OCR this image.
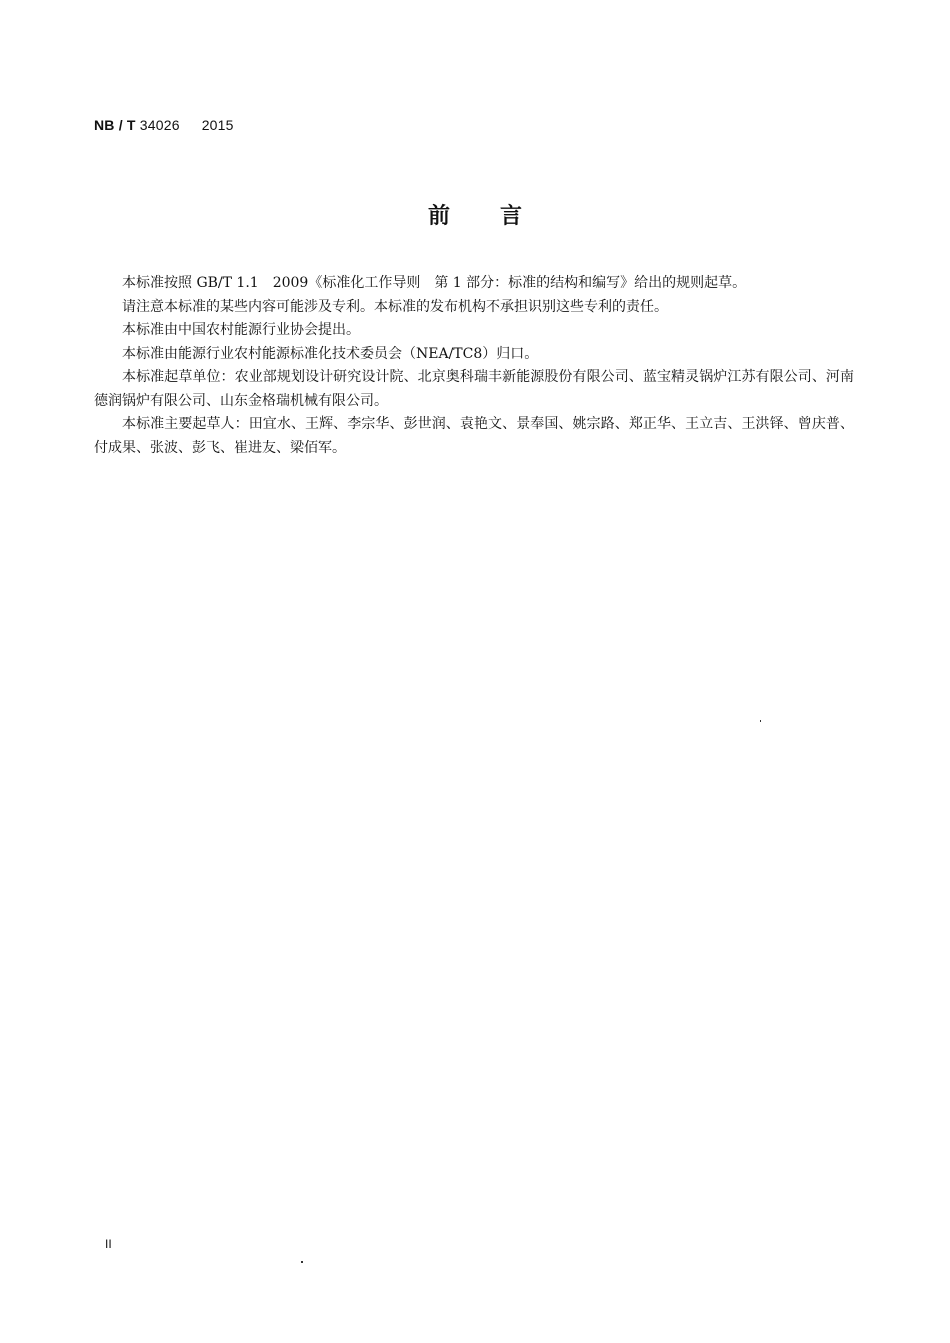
NB / T 34026 2015
前言

本标准按照 GB/T 1.1　2009《标准化工作导则　第 1 部分：标准的结构和编写》给出的规则起草。

请注意本标准的某些内容可能涉及专利。本标准的发布机构不承担识别这些专利的责任。

本标准由中国农村能源行业协会提出。

本标准由能源行业农村能源标准化技术委员会（NEA/TC8）归口。

本标准起草单位：农业部规划设计研究设计院、北京奥科瑞丰新能源股份有限公司、蓝宝精灵锅炉江苏有限公司、河南德润锅炉有限公司、山东金格瑞机械有限公司。

本标准主要起草人：田宜水、王辉、李宗华、彭世润、袁艳文、景奉国、姚宗路、郑正华、王立吉、王洪铎、曾庆普、付成果、张波、彭飞、崔进友、梁佰军。

II
